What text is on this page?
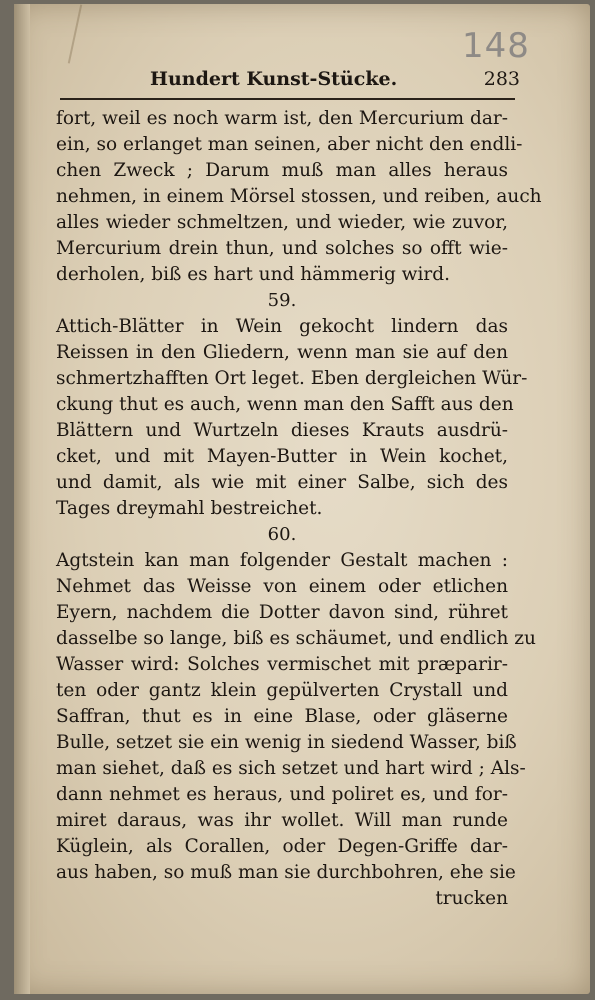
148
Hundert Kunst-Stücke.	283
fort, weil es noch warm ist, den Mercurium dar-
ein, so erlanget man seinen, aber nicht den endli-
chen Zweck ; Darum muß man alles heraus
nehmen, in einem Mörsel stossen, und reiben, auch
alles wieder schmeltzen, und wieder, wie zuvor,
Mercurium drein thun, und solches so offt wie-
derholen, biß es hart und hämmerig wird.
59.
Attich-Blätter in Wein gekocht lindern das
Reissen in den Gliedern, wenn man sie auf den
schmertzhafften Ort leget. Eben dergleichen Wür-
ckung thut es auch, wenn man den Safft aus den
Blättern und Wurtzeln dieses Krauts ausdrü-
cket, und mit Mayen-Butter in Wein kochet,
und damit, als wie mit einer Salbe, sich des
Tages dreymahl bestreichet.
60.
Agtstein kan man folgender Gestalt machen :
Nehmet das Weisse von einem oder etlichen
Eyern, nachdem die Dotter davon sind, rühret
dasselbe so lange, biß es schäumet, und endlich zu
Wasser wird: Solches vermischet mit præparir-
ten oder gantz klein gepülverten Crystall und
Saffran, thut es in eine Blase, oder gläserne
Bulle, setzet sie ein wenig in siedend Wasser, biß
man siehet, daß es sich setzet und hart wird ; Als-
dann nehmet es heraus, und poliret es, und for-
miret daraus, was ihr wollet. Will man runde
Küglein, als Corallen, oder Degen-Griffe dar-
aus haben, so muß man sie durchbohren, ehe sie
trucken
